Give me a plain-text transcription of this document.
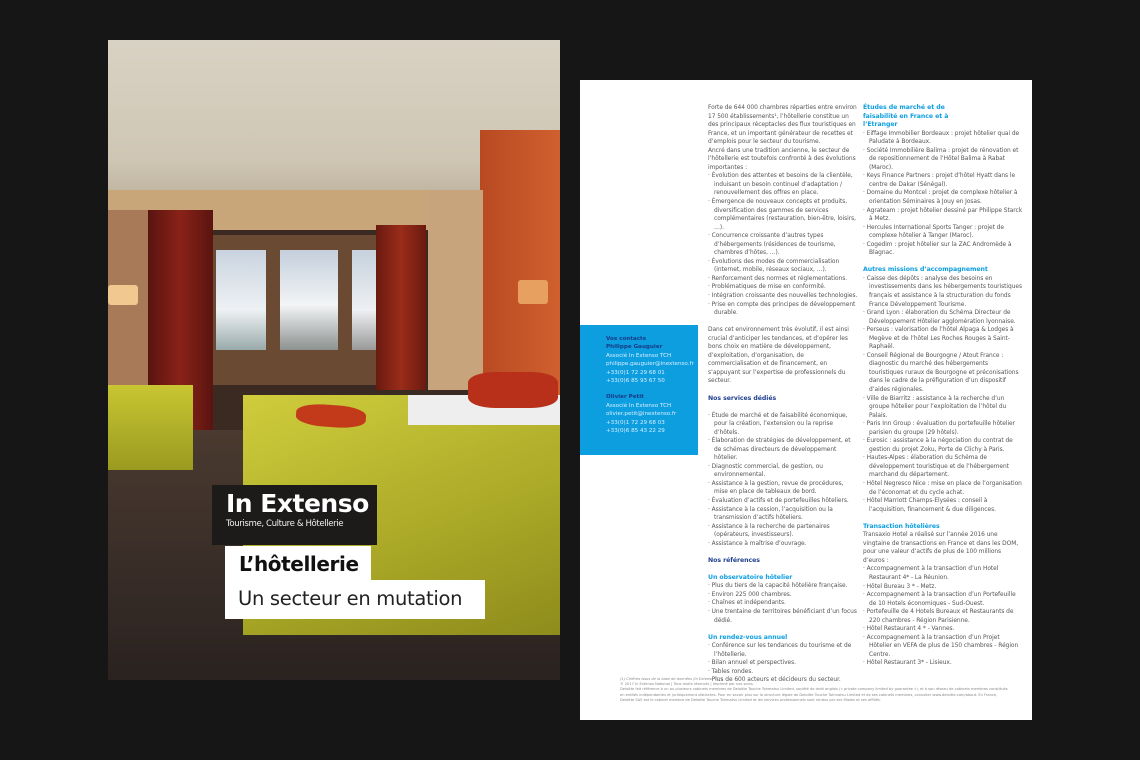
In Extenso
Tourisme, Culture & Hôtellerie
L’hôtellerie
Un secteur en mutation

Forte de 644 000 chambres réparties entre environ 17 500 établissements¹, l’hôtellerie constitue un des principaux réceptacles des flux touristiques en France, et un important générateur de recettes et d’emplois pour le secteur du tourisme.

Ancré dans une tradition ancienne, le secteur de l’hôtellerie est toutefois confronté à des évolutions importantes :

· Évolution des attentes et besoins de la clientèle, induisant un besoin continuel d’adaptation / renouvellement des offres en place.
· Émergence de nouveaux concepts et produits, diversification des gammes de services complémentaires (restauration, bien-être, loisirs, …).
· Concurrence croissante d’autres types d’hébergements (résidences de tourisme, chambres d’hôtes, …).
· Évolutions des modes de commercialisation (internet, mobile, réseaux sociaux, …).
· Renforcement des normes et réglementations.
· Problématiques de mise en conformité.
· Intégration croissante des nouvelles technologies.
· Prise en compte des principes de développement durable.

Dans cet environnement très évolutif, il est ainsi crucial d’anticiper les tendances, et d’opérer les bons choix en matière de développement, d’exploitation, d’organisation, de commercialisation et de financement, en s’appuyant sur l’expertise de professionnels du secteur.

Nos services dédiés
· Étude de marché et de faisabilité économique, pour la création, l’extension ou la reprise d’hôtels.
· Élaboration de stratégies de développement, et de schémas directeurs de développement hôtelier.
· Diagnostic commercial, de gestion, ou environnemental.
· Assistance à la gestion, revue de procédures, mise en place de tableaux de bord.
· Évaluation d’actifs et de portefeuilles hôteliers.
· Assistance à la cession, l’acquisition ou la transmission d’actifs hôteliers.
· Assistance à la recherche de partenaires (opérateurs, investisseurs).
· Assistance à maîtrise d’ouvrage.
Nos références
Un observatoire hôtelier
· Plus du tiers de la capacité hôtelière française.
· Environ 225 000 chambres.
· Chaînes et indépendants.
· Une trentaine de territoires bénéficiant d’un focus dédié.
Un rendez-vous annuel
· Conférence sur les tendances du tourisme et de l’hôtellerie.
· Bilan annuel et perspectives.
· Tables rondes.
· Plus de 600 acteurs et décideurs du secteur.
Études de marché et de faisabilité en France et à l’Etranger
· Eiffage Immobilier Bordeaux : projet hôtelier quai de Paludate à Bordeaux.
· Société Immobilière Balima : projet de rénovation et de repositionnement de l’Hôtel Balima à Rabat (Maroc).
· Keys Finance Partners : projet d’hôtel Hyatt dans le centre de Dakar (Sénégal).
· Domaine du Montcel : projet de complexe hôtelier à orientation Séminaires à Jouy en Josas.
· Agrateam : projet hôtelier dessiné par Philippe Starck à Metz.
· Hercules International Sports Tanger : projet de complexe hôtelier à Tanger (Maroc).
· Cogedim : projet hôtelier sur la ZAC Andromède à Blagnac.
Autres missions d’accompagnement
· Caisse des dépôts : analyse des besoins en investissements dans les hébergements touristiques français et assistance à la structuration du fonds France Développement Tourisme.
· Grand Lyon : élaboration du Schéma Directeur de Développement Hôtelier agglomération lyonnaise.
· Perseus : valorisation de l’hôtel Alpaga & Lodges à Megève et de l’hôtel Les Roches Rouges à Saint-Raphaël.
· Conseil Régional de Bourgogne / Atout France : diagnostic du marché des hébergements touristiques ruraux de Bourgogne et préconisations dans le cadre de la préfiguration d’un dispositif d’aides régionales.
· Ville de Biarritz : assistance à la recherche d’un groupe hôtelier pour l’exploitation de l’hôtel du Palais.
· Paris Inn Group : évaluation du portefeuille hôtelier parisien du groupe (29 hôtels).
· Eurosic : assistance à la négociation du contrat de gestion du projet Zoku, Porte de Clichy à Paris.
· Hautes-Alpes : élaboration du Schéma de développement touristique et de l’hébergement marchand du département.
· Hôtel Negresco Nice : mise en place de l’organisation de l’économat et du cycle achat.
· Hôtel Marriott Champs-Elysées : conseil à l’acquisition, financement & due diligences.
Transaction hôtelières

Transaxio Hotel a réalisé sur l’année 2016 une vingtaine de transactions en France et dans les DOM, pour une valeur d’actifs de plus de 100 millions d’euros :

· Accompagnement à la transaction d’un Hotel Restaurant 4* - La Réunion.
· Hôtel Bureau 3 * - Metz.
· Accompagnement à la transaction d’un Portefeuille de 10 Hotels économiques - Sud-Ouest.
· Portefeuille de 4 Hotels Bureaux et Restaurants de 220 chambres - Région Parisienne.
· Hôtel Restaurant 4 * - Vannes.
· Accompagnement à la transaction d’un Projet Hôtelier en VEFA de plus de 150 chambres - Région Centre.
· Hôtel Restaurant 3* - Lisieux.
Vos contacts
Philippe Gauguier
Associé In Extenso TCH
philippe.gauguier@inextenso.fr
+33(0)1 72 29 68 01
+33(0)6 85 93 67 50
Olivier Petit
Associé In Extenso TCH
olivier.petit@inextenso.fr
+33(0)1 72 29 68 03
+33(0)6 85 43 22 29
(1) Chiffres issus de la base de données (In Extenso TCH)
© 2017 In Extenso National | Tous droits réservés | Imprimé par nos soins.
Deloitte fait référence à un ou plusieurs cabinets membres de Deloitte Touche Tohmatsu Limited, société de droit anglais (« private company limited by guarantee »), et à son réseau de cabinets membres constitués en entités indépendantes et juridiquement distinctes. Pour en savoir plus sur la structure légale de Deloitte Touche Tohmatsu Limited et de ses cabinets membres, consulter www.deloitte.com/about. En France, Deloitte SAS est le cabinet membre de Deloitte Touche Tohmatsu Limited et les services professionnels sont rendus par ses filiales et ses affiliés.
